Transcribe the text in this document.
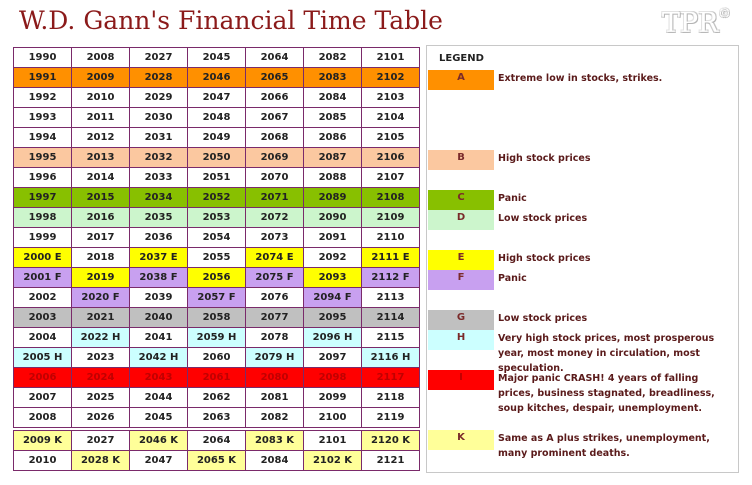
W.D. Gann's Financial Time Table	TPR©
1990	2008	2027	2045	2064	2082	2101
1991	2009	2028	2046	2065	2083	2102
1992	2010	2029	2047	2066	2084	2103
1993	2011	2030	2048	2067	2085	2104
1994	2012	2031	2049	2068	2086	2105
1995	2013	2032	2050	2069	2087	2106
1996	2014	2033	2051	2070	2088	2107
1997	2015	2034	2052	2071	2089	2108
1998	2016	2035	2053	2072	2090	2109
1999	2017	2036	2054	2073	2091	2110
2000 E	2018	2037 E	2055	2074 E	2092	2111 E
2001 F	2019	2038 F	2056	2075 F	2093	2112 F
2002	2020 F	2039	2057 F	2076	2094 F	2113
2003	2021	2040	2058	2077	2095	2114
2004	2022 H	2041	2059 H	2078	2096 H	2115
2005 H	2023	2042 H	2060	2079 H	2097	2116 H
2006	2024	2043	2061	2080	2098	2117
2007	2025	2044	2062	2081	2099	2118
2008	2026	2045	2063	2082	2100	2119
2009 K	2027	2046 K	2064	2083 K	2101	2120 K
2010	2028 K	2047	2065 K	2084	2102 K	2121
LEGEND
A	Extreme low in stocks, strikes.
B	High stock prices
C	Panic
D	Low stock prices
E	High stock prices
F	Panic
G	Low stock prices
H	Very high stock prices, most prosperous year, most money in circulation, most speculation.
I	Major panic CRASH! 4 years of falling prices, business stagnated, breadliness, soup kitches, despair, unemployment.
K	Same as A plus strikes, unemployment, many prominent deaths.
